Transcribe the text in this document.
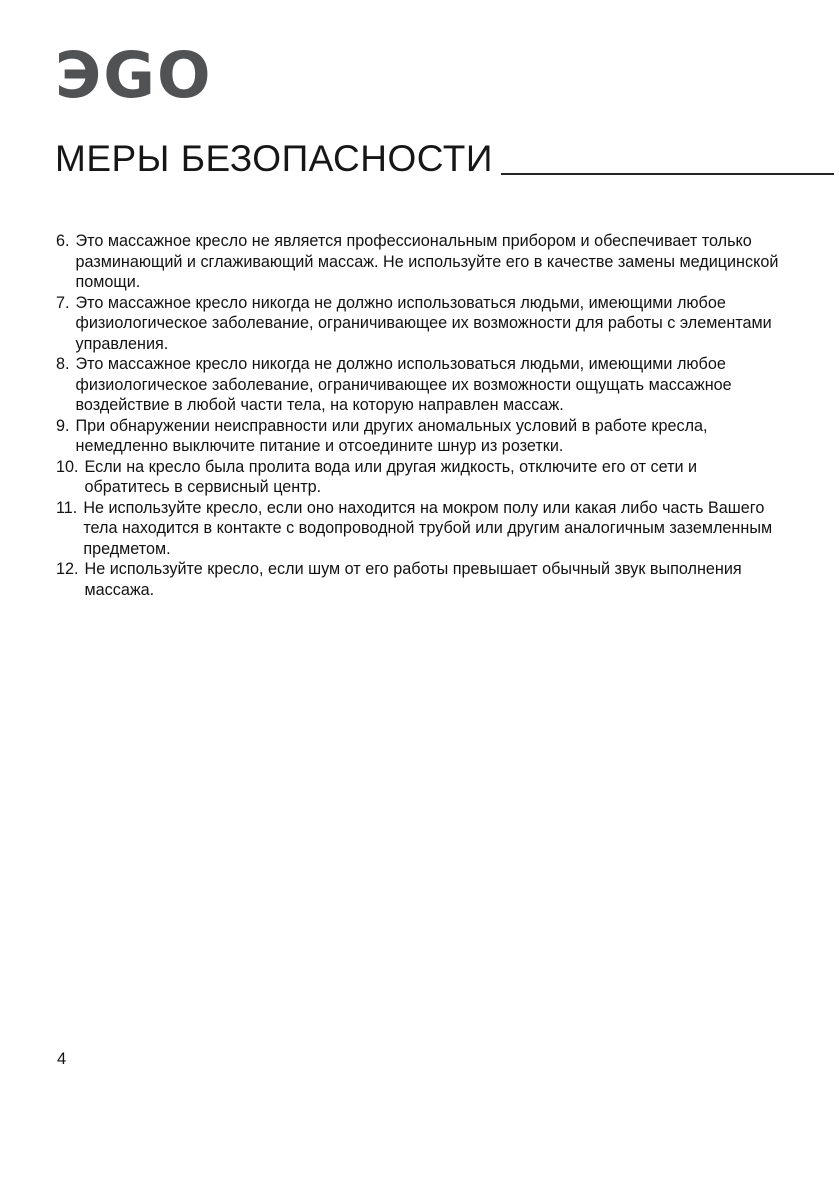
ЭGO
МЕРЫ БЕЗОПАСНОСТИ
6. Это массажное кресло не является профессиональным прибором и обеспечивает только разминающий и сглаживающий массаж. Не используйте его в качестве замены медицинской помощи.
7. Это массажное кресло никогда не должно использоваться людьми, имеющими любое физиологическое заболевание, ограничивающее их возможности для работы с элементами управления.
8. Это массажное кресло никогда не должно использоваться людьми, имеющими любое физиологическое заболевание, ограничивающее их возможности ощущать массажное воздействие в любой части тела, на которую направлен массаж.
9. При обнаружении неисправности или других аномальных условий в работе кресла, немедленно выключите питание и отсоедините шнур из розетки.
10. Если на кресло была пролита вода или другая жидкость, отключите его от сети и обратитесь в сервисный центр.
11. Не используйте кресло, если оно находится на мокром полу или какая либо часть Вашего тела находится в контакте с водопроводной трубой или другим аналогичным заземленным предметом.
12. Не используйте кресло, если шум от его работы превышает обычный звук выполнения массажа.
4
